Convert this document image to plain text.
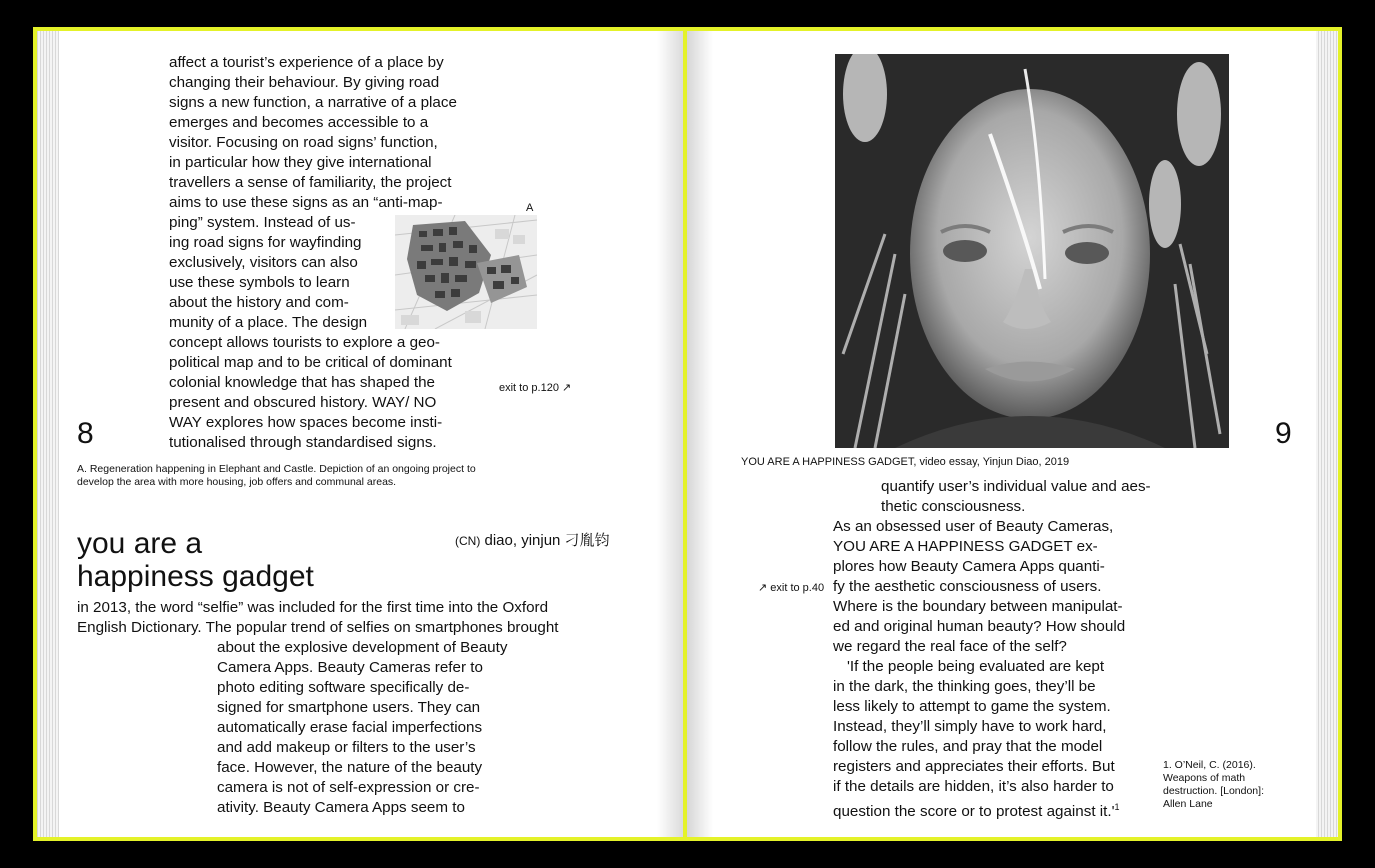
affect a tourist’s experience of a place by
changing their behaviour. By giving road
signs a new function, a narrative of a place
emerges and becomes accessible to a
visitor. Focusing on road signs’ function,
in particular how they give international
travellers a sense of familiarity, the project
aims to use these signs as an “anti-map-
ping” system. Instead of us-
ing road signs for wayfinding
exclusively, visitors can also
use these symbols to learn
about the history and com-
munity of a place. The design
concept allows tourists to explore a geo-
political map and to be critical of dominant
colonial knowledge that has shaped the
present and obscured history. WAY/ NO
WAY explores how spaces become insti-
tutionalised through standardised signs.
A
exit to p.120 ↗
8
A. Regeneration happening in Elephant and Castle. Depiction of an ongoing project to
develop the area with more housing, job offers and communal areas.
you are a
happiness gadget
(CN) diao, yinjun 刁胤钧
in 2013, the word “selfie” was included for the first time into the Oxford
English Dictionary. The popular trend of selfies on smartphones brought
about the explosive development of Beauty
Camera Apps. Beauty Cameras refer to
photo editing software specifically de-
signed for smartphone users. They can
automatically erase facial imperfections
and add makeup or filters to the user’s
face. However, the nature of the beauty
camera is not of self-expression or cre-
ativity. Beauty Camera Apps seem to
9
YOU ARE A HAPPINESS GADGET, video essay, Yinjun Diao, 2019
quantify user’s individual value and aes-
thetic consciousness.
↗ exit to p.40
As an obsessed user of Beauty Cameras,
YOU ARE A HAPPINESS GADGET ex-
plores how Beauty Camera Apps quanti-
fy the aesthetic consciousness of users.
Where is the boundary between manipulat-
ed and original human beauty? How should
we regard the real face of the self?
'If the people being evaluated are kept
in the dark, the thinking goes, they’ll be
less likely to attempt to game the system.
Instead, they’ll simply have to work hard,
follow the rules, and pray that the model
registers and appreciates their efforts. But
if the details are hidden, it’s also harder to
question the score or to protest against $it.'^1$
1. O’Neil, C. (2016).
Weapons of math
destruction. [London]:
Allen Lane
